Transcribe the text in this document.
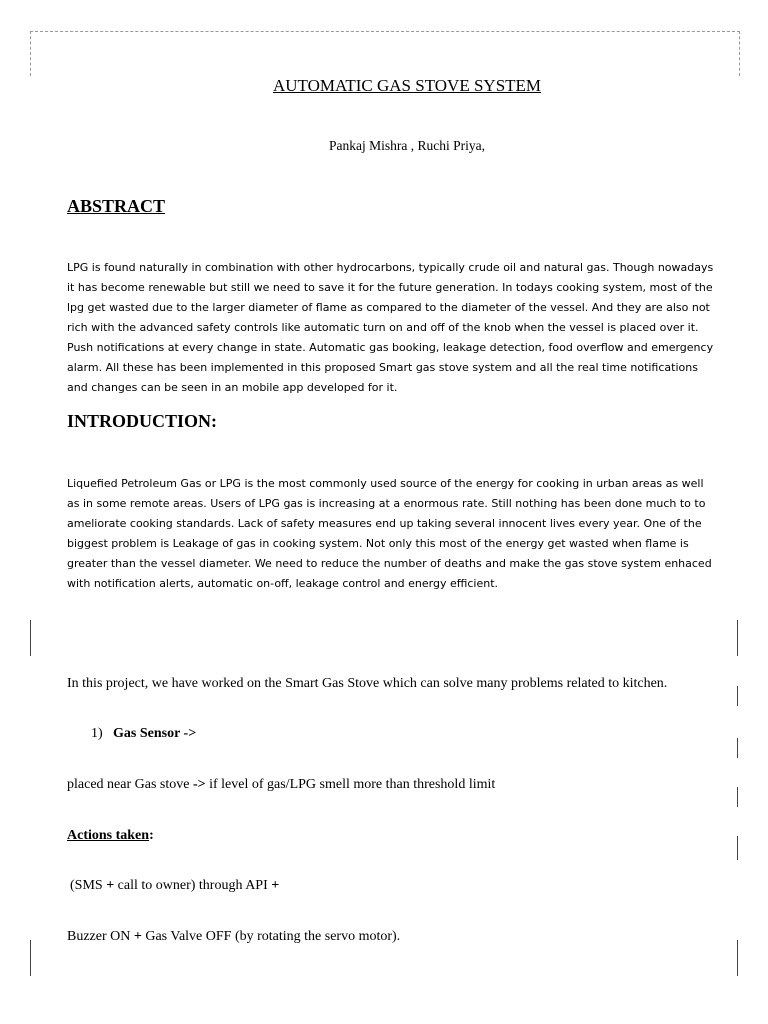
AUTOMATIC GAS STOVE SYSTEM
Pankaj Mishra , Ruchi Priya,
ABSTRACT
LPG is found naturally in combination with other hydrocarbons, typically crude oil and natural gas. Though nowadays
it has become renewable but still we need to save it for the future generation. In todays cooking system, most of the
lpg get wasted due to the larger diameter of flame as compared to the diameter of the vessel. And they are also not
rich with the advanced safety controls like automatic turn on and off of the knob when the vessel is placed over it.
Push notifications at every change in state. Automatic gas booking, leakage detection, food overflow and emergency
alarm. All these has been implemented in this proposed Smart gas stove system and all the real time notifications
and changes can be seen in an mobile app developed for it.
INTRODUCTION:
Liquefied Petroleum Gas or LPG is the most commonly used source of the energy for cooking in urban areas as well
as in some remote areas. Users of LPG gas is increasing at a enormous rate. Still nothing has been done much to to
ameliorate cooking standards. Lack of safety measures end up taking several innocent lives every year. One of the
biggest problem is Leakage of gas in cooking system. Not only this most of the energy get wasted when flame is
greater than the vessel diameter. We need to reduce the number of deaths and make the gas stove system enhaced
with notification alerts, automatic on-off, leakage control and energy efficient.
In this project, we have worked on the Smart Gas Stove which can solve many problems related to kitchen.
1) Gas Sensor ->
placed near Gas stove -> if level of gas/LPG smell more than threshold limit
Actions taken:
(SMS + call to owner) through API +
Buzzer ON + Gas Valve OFF (by rotating the servo motor).
